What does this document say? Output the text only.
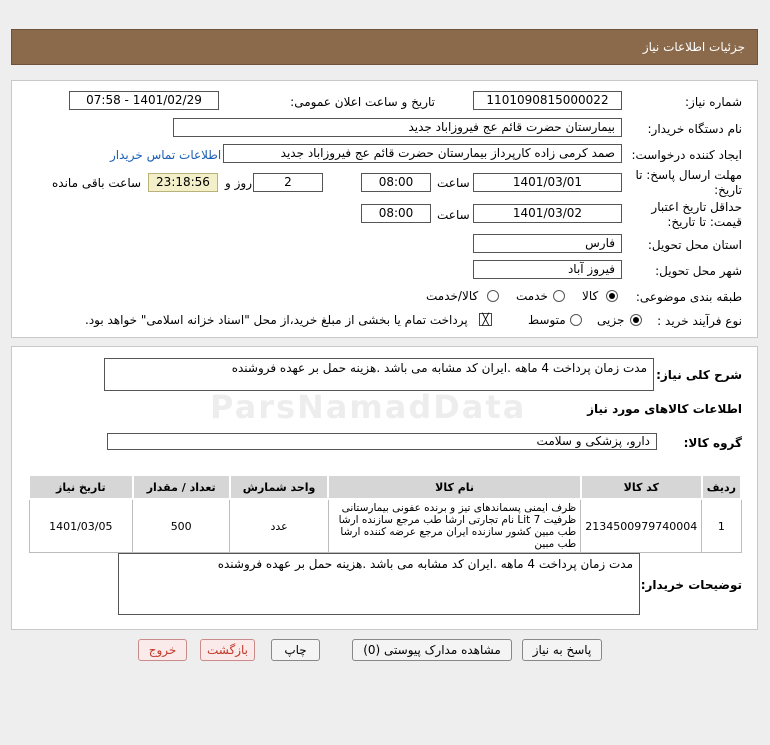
جزئیات اطلاعات نیاز
شماره نیاز:
1101090815000022
تاریخ و ساعت اعلان عمومی:
1401/02/29 - 07:58
نام دستگاه خریدار:
بیمارستان حضرت قائم عج فیروزاباد جدید
ایجاد کننده درخواست:
صمد کرمی زاده کارپرداز بیمارستان حضرت قائم عج فیروزاباد جدید
اطلاعات تماس خریدار
مهلت ارسال پاسخ: تا
تاریخ:
1401/03/01
ساعت
08:00
2
روز و
23:18:56
ساعت باقی مانده
حداقل تاریخ اعتبار
قیمت: تا تاریخ:
1401/03/02
ساعت
08:00
استان محل تحویل:
فارس
شهر محل تحویل:
فیروز آباد
طبقه بندی موضوعی:
کالا
خدمت
کالا/خدمت
نوع فرآیند خرید :
جزیی
متوسط
╳
پرداخت تمام یا بخشی از مبلغ خرید،از محل "اسناد خزانه اسلامی" خواهد بود.
شرح کلی نیاز:
مدت زمان پرداخت 4 ماهه .ایران کد مشابه می باشد .هزینه حمل بر عهده فروشنده
ParsNamadData	اطلاعات کالاهای مورد نیاز
گروه کالا:
دارو، پزشکی و سلامت
ردیف	کد کالا	نام کالا	واحد شمارش	تعداد / مقدار	تاریخ نیاز
1	2134500979740004	ظرف ایمنی پسماندهای تیز و برنده عفونی بیمارستانی ظرفیت 7 Lit نام تجارتی ارشا طب مرجع سازنده ارشا طب مبین کشور سازنده ایران مرجع عرضه کننده ارشا طب مبین	عدد	500	1401/03/05
توضیحات خریدار:
مدت زمان پرداخت 4 ماهه .ایران کد مشابه می باشد .هزینه حمل بر عهده فروشنده
پاسخ به نیاز
مشاهده مدارک پیوستی (0)
چاپ
بازگشت
خروج
